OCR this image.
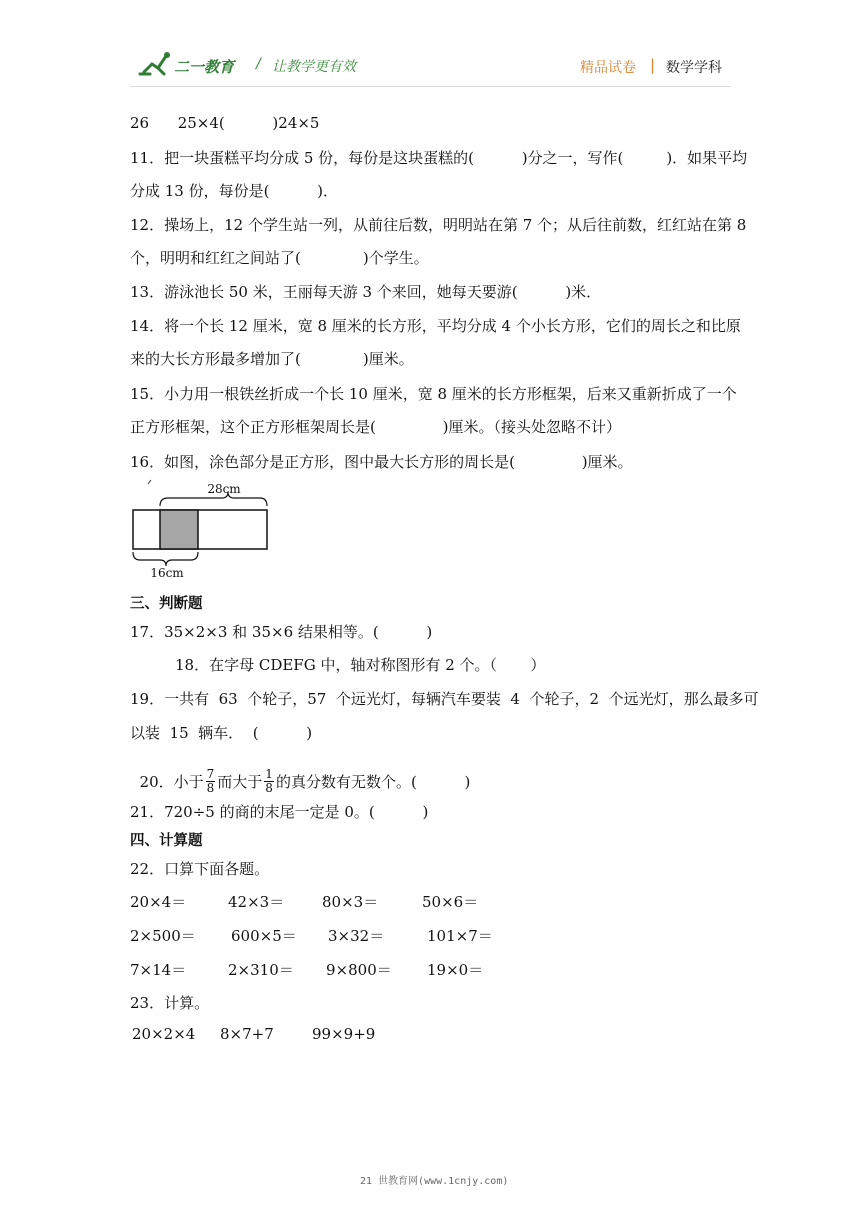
二一教育 / 让教学更有效	精品试卷 | 数学学科
26      25×4(          )24×5
11．把一块蛋糕平均分成 5 份，每份是这块蛋糕的(          )分之一，写作(         )．如果平均
分成 13 份，每份是(          )．
12．操场上，12 个学生站一列，从前往后数，明明站在第 7 个；从后往前数，红红站在第 8
个，明明和红红之间站了(             )个学生。
13．游泳池长 50 米，王丽每天游 3 个来回，她每天要游(          )米．
14．将一个长 12 厘米，宽 8 厘米的长方形，平均分成 4 个小长方形，它们的周长之和比原
来的大长方形最多增加了(             )厘米。
15．小力用一根铁丝折成一个长 10 厘米，宽 8 厘米的长方形框架，后来又重新折成了一个
正方形框架，这个正方形框架周长是(              )厘米。（接头处忽略不计）
16．如图，涂色部分是正方形，图中最大长方形的周长是(              )厘米。
28cm
16cm
三、判断题
17．35×2×3 和 35×6 结果相等。(          )
18．在字母 CDEFG 中，轴对称图形有 2 个。（       ）
19．一共有  63  个轮子，57  个远光灯，每辆汽车要装  4  个轮子，2  个远光灯，那么最多可
以装  15  辆车．  (          )

20．小于 $\frac{7}{8}$ 而大于 $\frac{1}{8}$ 的真分数有无数个。(          )

21．720÷5 的商的末尾一定是 0。(          )
四、计算题
22．口算下面各题。
20×4＝	42×3＝	80×3＝	50×6＝
2×500＝ 600×5＝ 3×32＝	101×7＝
7×14＝	2×310＝ 9×800＝ 19×0＝
23．计算。
20×2×4 8×7+7	99×9+9
21 世教育网(www.1cnjy.com)
